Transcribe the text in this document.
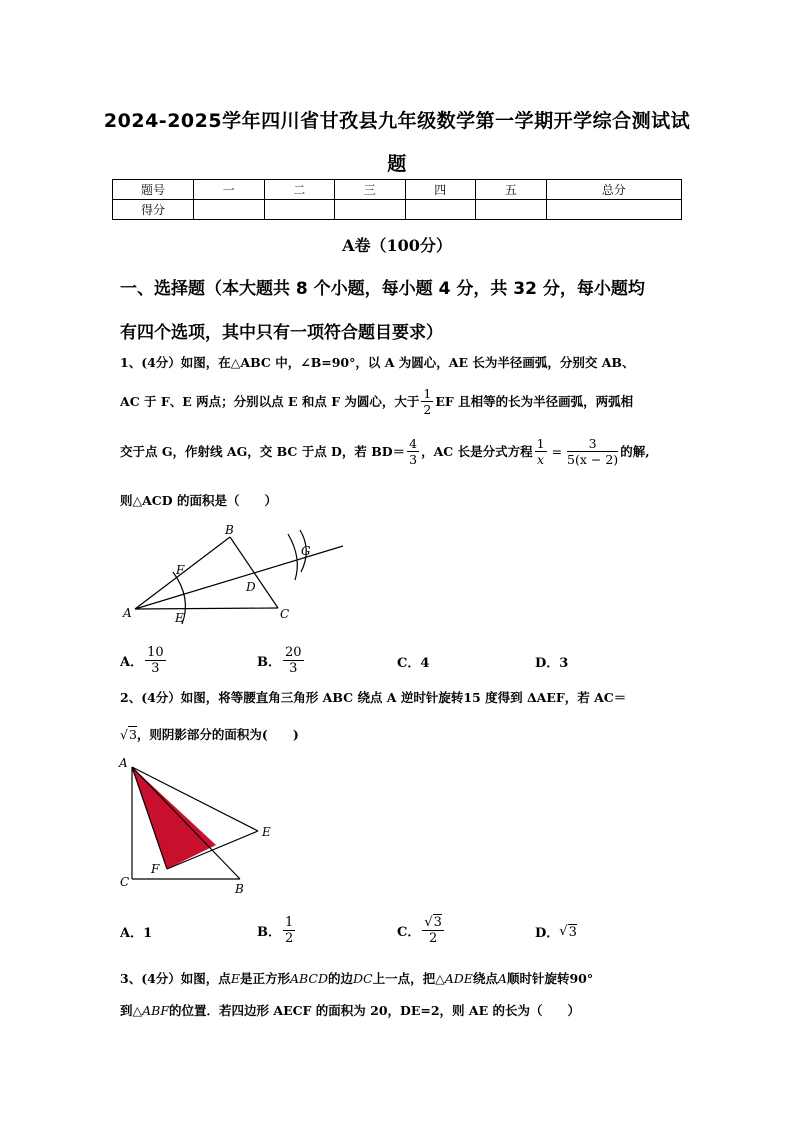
2024-2025学年四川省甘孜县九年级数学第一学期开学综合测试试
题
题号	一	二	三	四	五	总分
得分						
A卷（100分）
一、选择题（本大题共 8 个小题，每小题 4 分，共 32 分，每小题均
有四个选项，其中只有一项符合题目要求）
1、(4分）如图，在△ABC 中，∠B=90°，以 A 为圆心，AE 长为半径画弧，分别交 AB、
AC 于 F、E 两点；分别以点 E 和点 F 为圆心，大于 $\frac{1}{2}$ EF 且相等的长为半径画弧，两弧相
交于点 G，作射线 AG，交 BC 于点 D，若 $BD= \frac{4}{3}$ ，AC 长是分式方程 $\frac{1}{x} = \frac{3}{5(x - 2)}$ 的解,
则△ACD 的面积是（　　）
B
F
G
D
A	E	C
A． $\frac{10}{3}$	B． $\frac{20}{3}$	C．4	D．3
2、(4分）如图，将等腰直角三角形 ABC 绕点 A 逆时针旋转15 度得到 ΔAEF，若 AC＝
√ 3 ，则阴影部分的面积为(　　)
A
E
F
C	B
A．1	B． $\frac{1}{2}$	C． $\frac{√3}{2}$	D． √ 3
3、(4分）如图，点E是正方形ABCD的边DC上一点，把△ADE绕点A顺时针旋转90°
到△ABF的位置．若四边形 AECF 的面积为 20，DE=2，则 AE 的长为（　　）
